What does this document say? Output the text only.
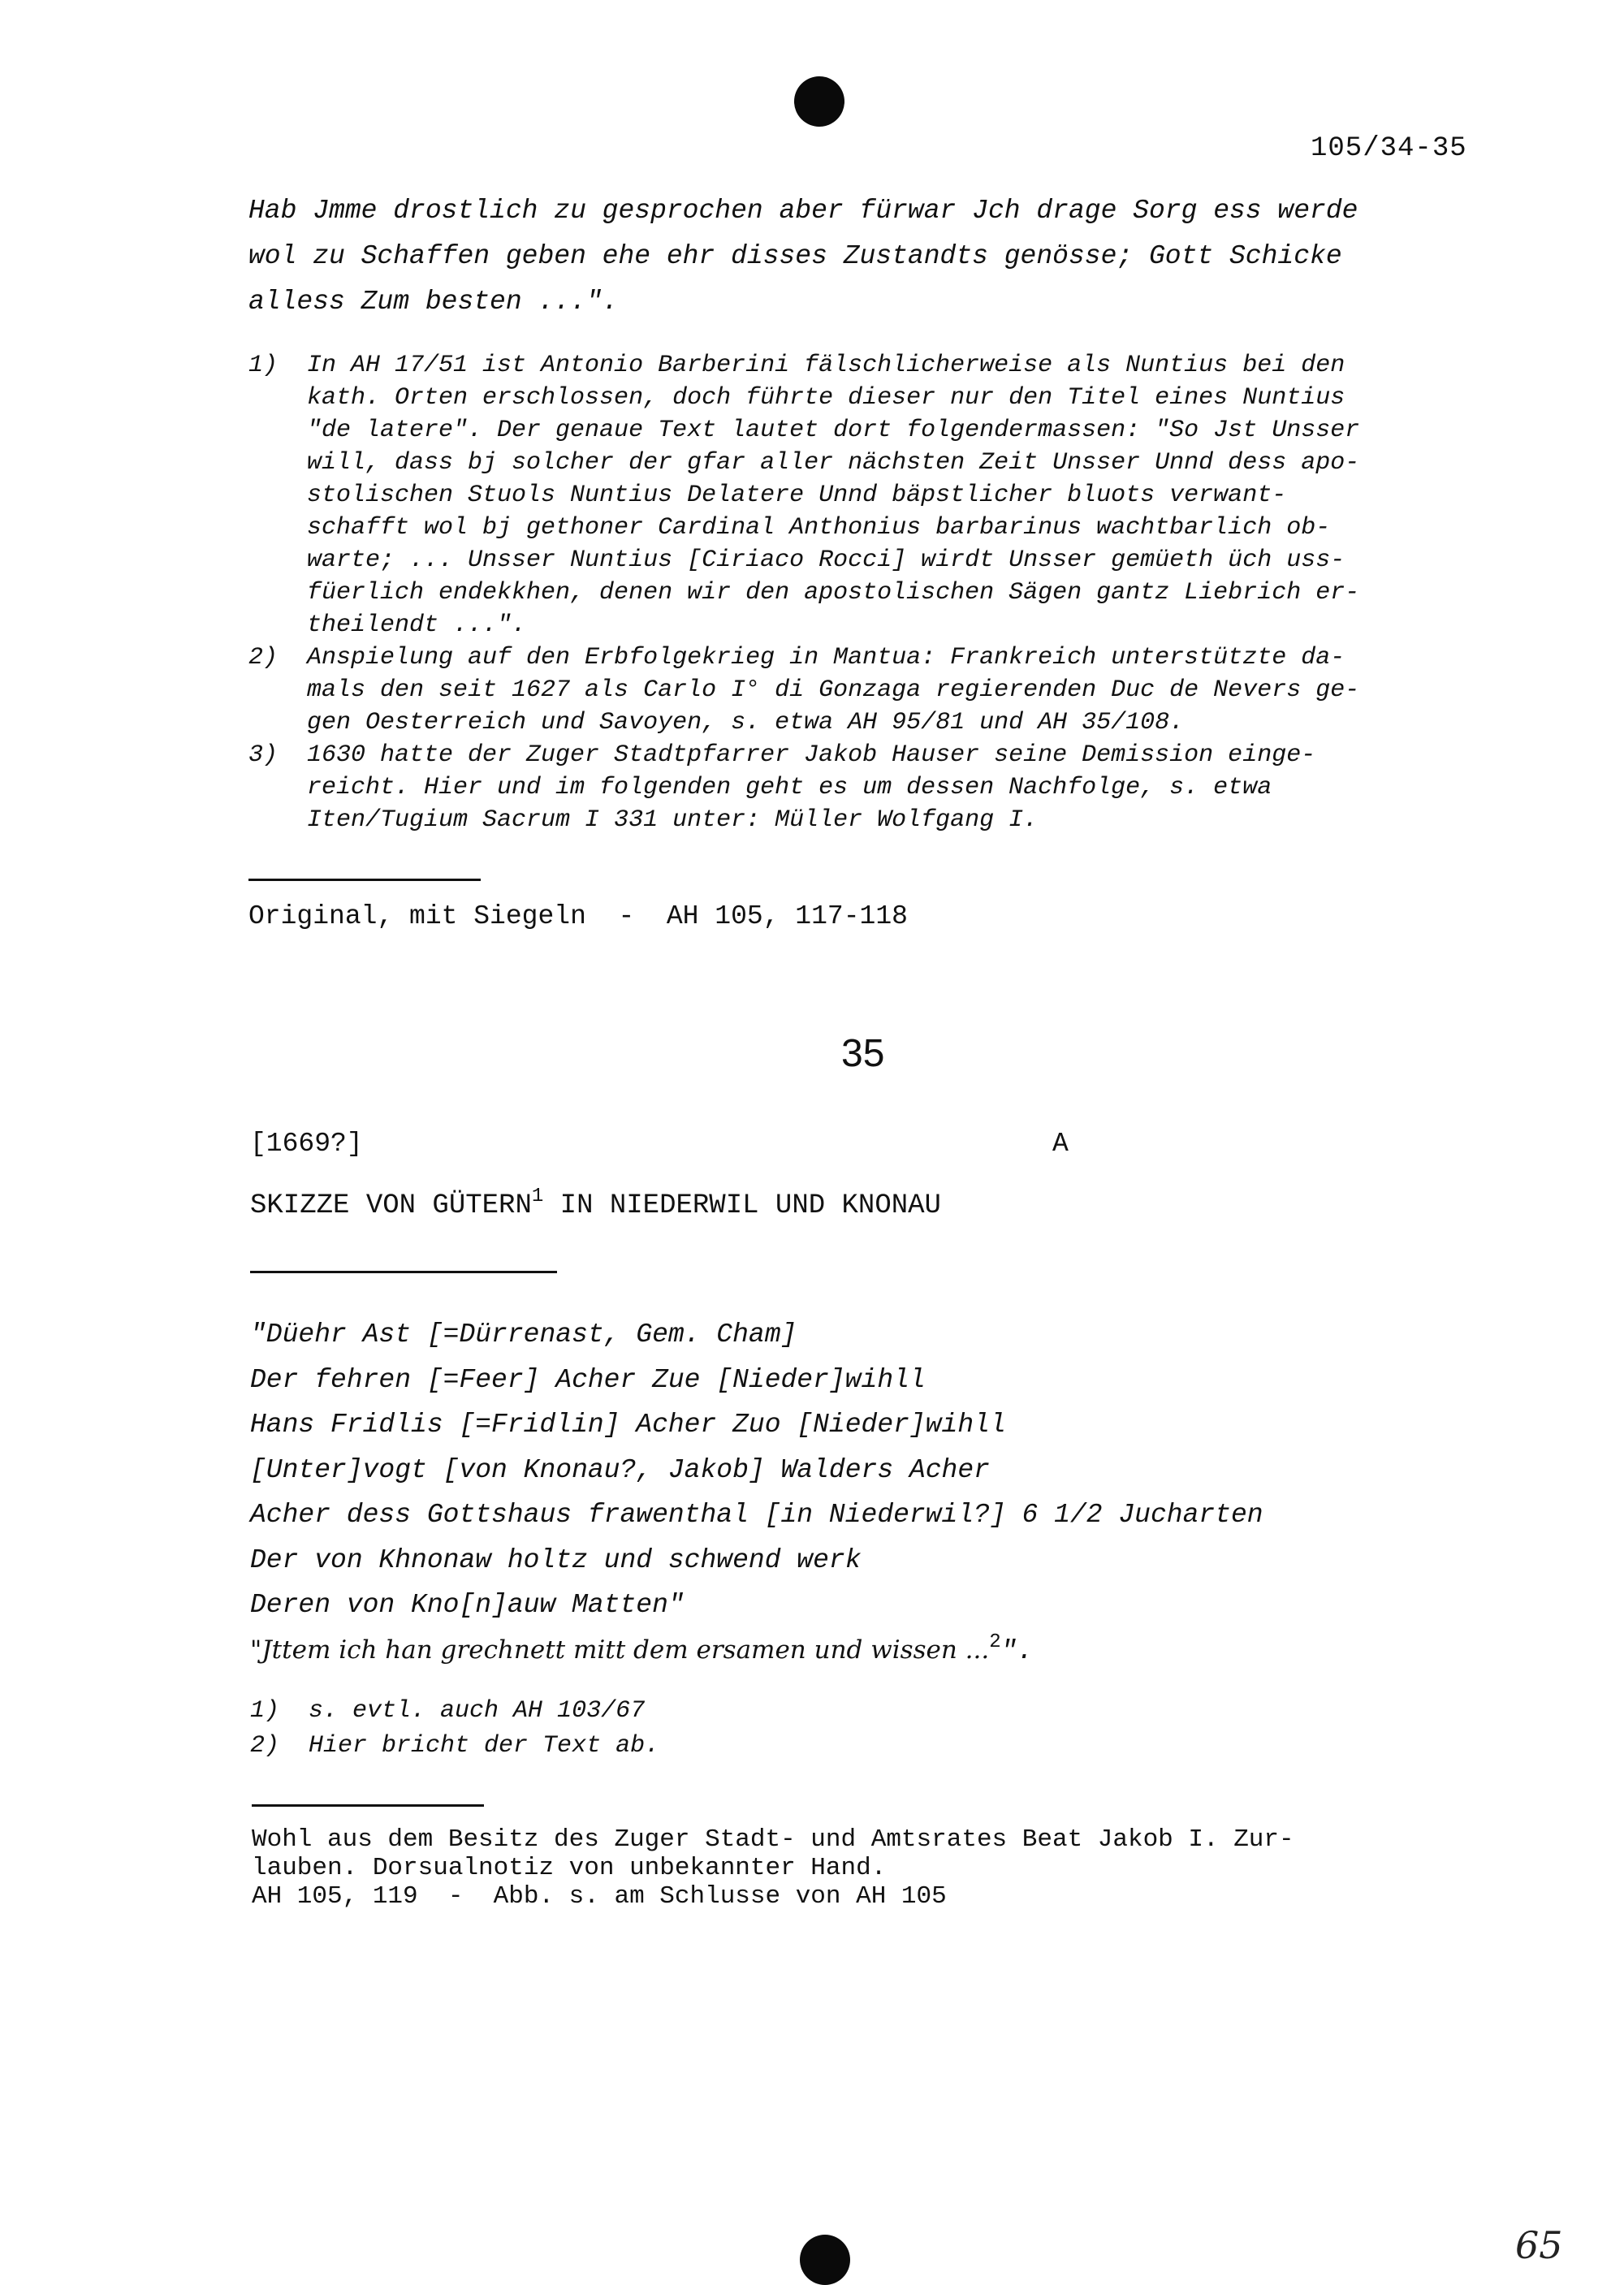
105/34-35
Hab Jmme drostlich zu gesprochen aber fürwar Jch drage Sorg ess werde
wol zu Schaffen geben ehe ehr disses Zustandts genösse; Gott Schicke
alless Zum besten ...".
1) In AH 17/51 ist Antonio Barberini fälschlicherweise als Nuntius bei den
kath. Orten erschlossen, doch führte dieser nur den Titel eines Nuntius
"de latere". Der genaue Text lautet dort folgendermassen: "So Jst Unsser
will, dass bj solcher der gfar aller nächsten Zeit Unsser Unnd dess apo-
stolischen Stuols Nuntius Delatere Unnd bäpstlicher bluots verwant-
schafft wol bj gethoner Cardinal Anthonius barbarinus wachtbarlich ob-
warte; ... Unsser Nuntius [Ciriaco Rocci] wirdt Unsser gemüeth üch uss-
füerlich endekkhen, denen wir den apostolischen Sägen gantz Liebrich er-
theilendt ...".
2) Anspielung auf den Erbfolgekrieg in Mantua: Frankreich unterstützte da-
mals den seit 1627 als Carlo I° di Gonzaga regierenden Duc de Nevers ge-
gen Oesterreich und Savoyen, s. etwa AH 95/81 und AH 35/108.
3) 1630 hatte der Zuger Stadtpfarrer Jakob Hauser seine Demission einge-
reicht. Hier und im folgenden geht es um dessen Nachfolge, s. etwa
Iten/Tugium Sacrum I 331 unter: Müller Wolfgang I.
Original, mit Siegeln  -  AH 105, 117-118
35
[1669?]	A
SKIZZE VON GÜTERN$^1$ IN NIEDERWIL UND KNONAU
"Düehr Ast [=Dürrenast, Gem. Cham]
Der fehren [=Feer] Acher Zue [Nieder]wihll
Hans Fridlis [=Fridlin] Acher Zuo [Nieder]wihll
[Unter]vogt [von Knonau?, Jakob] Walders Acher
Acher dess Gottshaus frawenthal [in Niederwil?] 6 1/2 Jucharten
Der von Khnonaw holtz und schwend werk
Deren von Kno[n]auw Matten"
"Jttem ich han grechnett mitt dem ersamen und wissen ...$^2$".
1)  s. evtl. auch AH 103/67
2)  Hier bricht der Text ab.
Wohl aus dem Besitz des Zuger Stadt- und Amtsrates Beat Jakob I. Zur-
lauben. Dorsualnotiz von unbekannter Hand.
AH 105, 119  -  Abb. s. am Schlusse von AH 105
65
